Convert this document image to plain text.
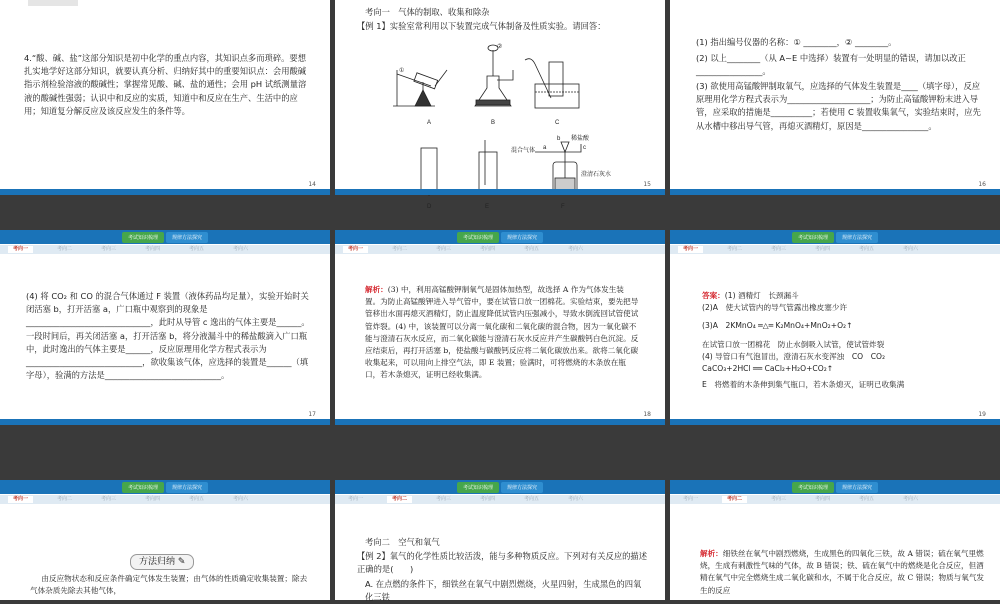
4.“酸、碱、盐”这部分知识是初中化学的重点内容，其知识点多而琐碎。要想扎实地学好这部分知识，就要认真分析、归纳好其中的重要知识点：会用酸碱指示剂检验溶液的酸碱性；掌握常见酸、碱、盐的通性；会用 pH 试纸测量溶液的酸碱性强弱；认识中和反应的实质，知道中和反应在生产、生活中的应用；知道复分解反应及该反应发生的条件等。
14
考向一　气体的制取、收集和除杂
【例 1】实验室常利用以下装置完成气体制备及性质实验。请回答：
①
A
②
B	C
D	E
稀盐酸
混合气体
澄清石灰水
a
b
c
F
15
(1) 指出编号仪器的名称：① ________，② ________。
(2) 以上________（从 A~E 中选择）装置有一处明显的错误，请加以改正________________。
(3) 欲使用高锰酸钾制取氧气，应选择的气体发生装置是____（填字母），反应原理用化学方程式表示为____________________；为防止高锰酸钾粉末进入导管，应采取的措施是__________；若使用 C 装置收集氧气，实验结束时，应先从水槽中移出导气管，再熄灭酒精灯，原因是________________。
16
考试知识梳理	规律方法探究
考向一	考向二	考向三	考向四	考向五	考向六
(4) 将 CO₂ 和 CO 的混合气体通过 F 装置（液体药品均足量），实验开始时关闭活塞 b，打开活塞 a，广口瓶中观察到的现象是______________________________，此时从导管 c 逸出的气体主要是______。一段时间后，再关闭活塞 a，打开活塞 b，将分液漏斗中的稀盐酸滴入广口瓶中，此时逸出的气体主要是______，反应原理用化学方程式表示为____________________________，欲收集该气体，应选择的装置是______（填字母），验满的方法是____________________________。
17
考试知识梳理	规律方法探究
考向一	考向二	考向三	考向四	考向五	考向六
解析：(3) 中，利用高锰酸钾制氧气是固体加热型，故选择 A 作为气体发生装置。为防止高锰酸钾进入导气管中，要在试管口放一团棉花。实验结束，要先把导管移出水面再熄灭酒精灯，防止温度降低试管内压强减小，导致水倒流回试管使试管炸裂。(4) 中，该装置可以分离一氧化碳和二氧化碳的混合物，因为一氧化碳不能与澄清石灰水反应，而二氧化碳能与澄清石灰水反应并产生碳酸钙白色沉淀。反应结束后，再打开活塞 b，使盐酸与碳酸钙反应将二氧化碳放出来。欲将二氧化碳收集起来，可以用向上排空气法，即 E 装置；验满时，可将燃烧的木条放在瓶口，若木条熄灭，证明已经收集满。
18
考试知识梳理	规律方法探究
考向一	考向二	考向三	考向四	考向五	考向六
答案：(1) 酒精灯　长颈漏斗
(2)A　使大试管内的导气管露出橡皮塞少许
(3)A　2KMnO₄ ═△═ K₂MnO₄+MnO₂+O₂↑
在试管口放一团棉花　防止水倒吸入试管，使试管炸裂
(4) 导管口有气泡冒出，澄清石灰水变浑浊　CO　CO₂
CaCO₃+2HCl ══ CaCl₂+H₂O+CO₂↑
E　将燃着的木条伸到集气瓶口，若木条熄灭，证明已收集满
19
考试知识梳理	规律方法探究
考向一	考向二	考向三	考向四	考向五	考向六
方法归纳 ✎
由反应物状态和反应条件确定气体发生装置；由气体的性质确定收集装置；除去气体杂质先除去其他气体，
考试知识梳理	规律方法探究
考向一	考向二	考向三	考向四	考向五	考向六
考向二　空气和氧气
【例 2】氧气的化学性质比较活泼，能与多种物质反应。下列对有关反应的描述正确的是(　　)
A. 在点燃的条件下，细铁丝在氧气中剧烈燃烧，火星四射，生成黑色的四氧化三铁
考试知识梳理	规律方法探究
考向一	考向二	考向三	考向四	考向五	考向六
解析：细铁丝在氧气中剧烈燃烧，生成黑色的四氧化三铁，故 A 错误；硫在氧气里燃烧，生成有刺激性气味的气体，故 B 错误；铁、硫在氧气中的燃烧是化合反应，但酒精在氧气中完全燃烧生成二氧化碳和水，不属于化合反应，故 C 错误；物质与氧气发生的反应
